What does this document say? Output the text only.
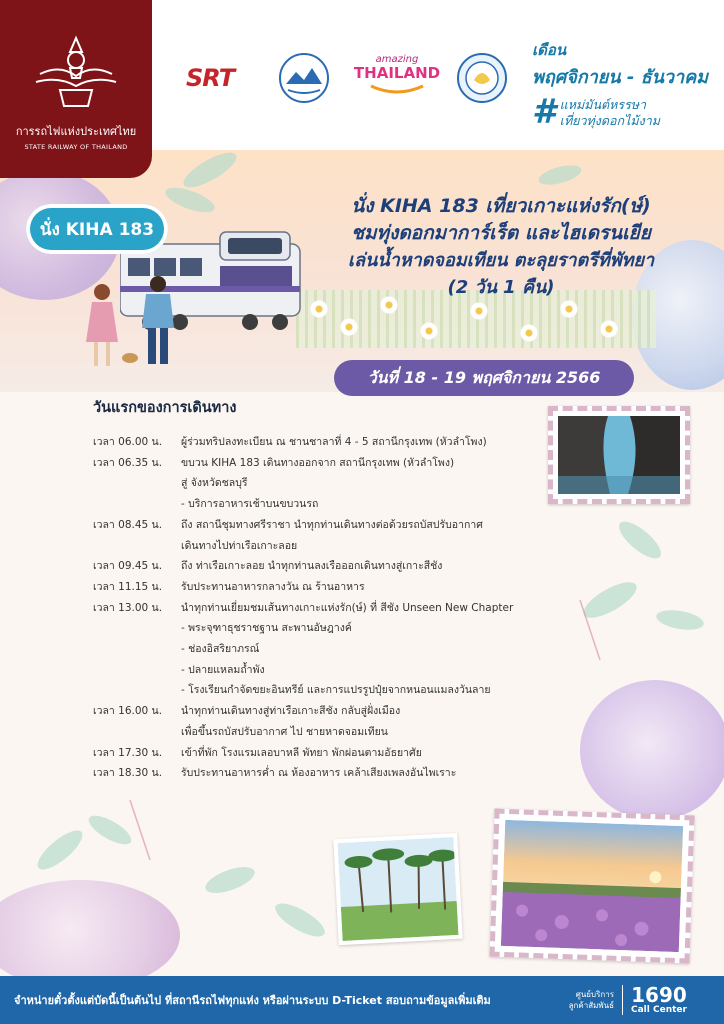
การรถไฟแห่งประเทศไทย
STATE RAILWAY OF THAILAND
SRT
amazing
THAILAND
เดือน
พฤศจิกายน - ธันวาคม
# แหม่มันต์หรรษา
เที่ยวทุ่งดอกไม้งาม
นั่ง KIHA 183
นั่ง KIHA 183 เที่ยวเกาะแห่งรัก(ษ์)
ชมทุ่งดอกมาการ์เร็ต และไฮเดรนเยีย
เล่นน้ำหาดจอมเทียน ตะลุยราตรีที่พัทยา
(2 วัน 1 คืน)
วันที่ 18 - 19 พฤศจิกายน 2566
วันแรกของการเดินทาง
เวลา 06.00 น.	ผู้ร่วมทริปลงทะเบียน ณ ชานชาลาที่ 4 - 5 สถานีกรุงเทพ (หัวลำโพง)
เวลา 06.35 น.	ขบวน KIHA 183 เดินทางออกจาก สถานีกรุงเทพ (หัวลำโพง)
สู่ จังหวัดชลบุรี
- บริการอาหารเช้าบนขบวนรถ
เวลา 08.45 น.	ถึง สถานีชุมทางศรีราชา นำทุกท่านเดินทางต่อด้วยรถบัสปรับอากาศ
เดินทางไปท่าเรือเกาะลอย
เวลา 09.45 น.	ถึง ท่าเรือเกาะลอย นำทุกท่านลงเรือออกเดินทางสู่เกาะสีชัง
เวลา 11.15 น.	รับประทานอาหารกลางวัน ณ ร้านอาหาร
เวลา 13.00 น.	นำทุกท่านเยี่ยมชมเส้นทางเกาะแห่งรัก(ษ์) ที่ สีชัง Unseen New Chapter
- พระจุฑาธุชราชฐาน สะพานอัษฎางค์
- ช่องอิสริยาภรณ์
- ปลายแหลมถ้ำพัง
- โรงเรียนกำจัดขยะอินทรีย์ และการแปรรูปปุ๋ยจากหนอนแมลงวันลาย
เวลา 16.00 น.	นำทุกท่านเดินทางสู่ท่าเรือเกาะสีชัง กลับสู่ฝั่งเมือง
เพื่อขึ้นรถบัสปรับอากาศ ไป ชายหาดจอมเทียน
เวลา 17.30 น.	เข้าที่พัก โรงแรมเลอบาหลี พัทยา พักผ่อนตามอัธยาศัย
เวลา 18.30 น.	รับประทานอาหารค่ำ ณ ห้องอาหาร เคล้าเสียงเพลงอันไพเราะ
จำหน่ายตั๋วตั้งแต่บัดนี้เป็นต้นไป ที่สถานีรถไฟทุกแห่ง หรือผ่านระบบ D-Ticket สอบถามข้อมูลเพิ่มเติม	ศูนย์บริการ
ลูกค้าสัมพันธ์ 1690
Call Center
